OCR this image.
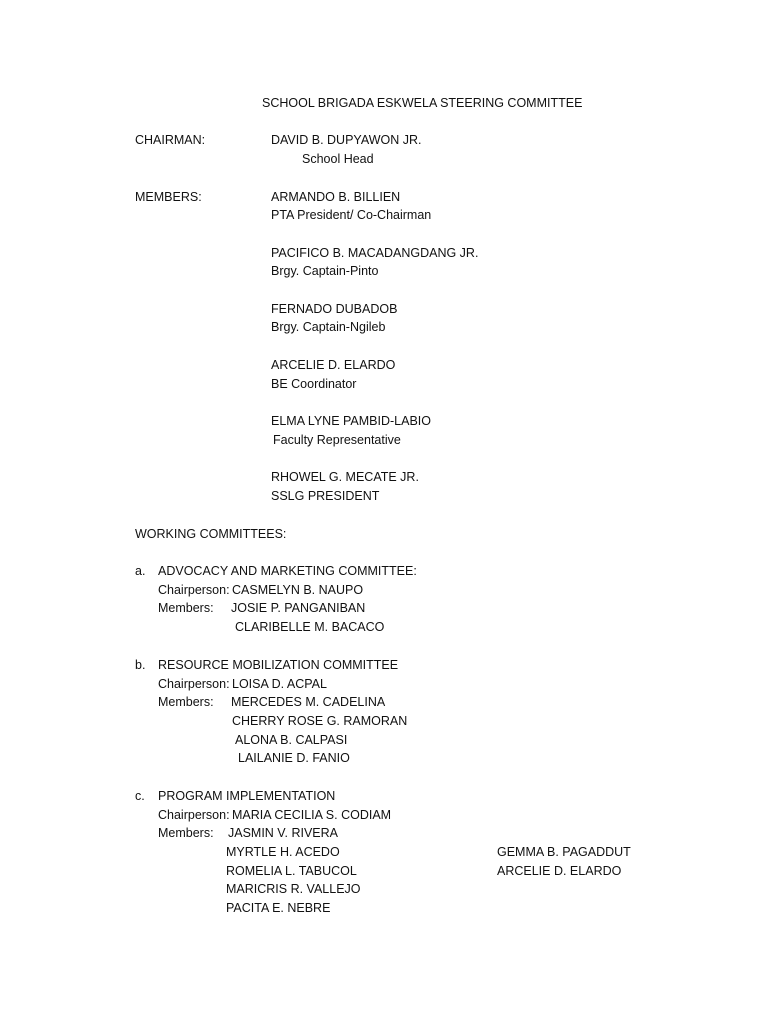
SCHOOL BRIGADA ESKWELA STEERING COMMITTEE
CHAIRMAN:	DAVID B. DUPYAWON JR.
School Head
MEMBERS:	ARMANDO B. BILLIEN
PTA President/ Co-Chairman
PACIFICO B. MACADANGDANG JR.
Brgy. Captain-Pinto
FERNADO DUBADOB
Brgy. Captain-Ngileb
ARCELIE D. ELARDO
BE Coordinator
ELMA LYNE PAMBID-LABIO
Faculty Representative
RHOWEL G. MECATE JR.
SSLG PRESIDENT
WORKING COMMITTEES:
a. ADVOCACY AND MARKETING COMMITTEE:
Chairperson: CASMELYN B. NAUPO
Members: JOSIE P. PANGANIBAN
CLARIBELLE M. BACACO
b. RESOURCE MOBILIZATION COMMITTEE
Chairperson: LOISA D. ACPAL
Members: MERCEDES M. CADELINA
CHERRY ROSE G. RAMORAN
ALONA B. CALPASI
LAILANIE D. FANIO
c. PROGRAM IMPLEMENTATION
Chairperson: MARIA CECILIA S. CODIAM
Members: JASMIN V. RIVERA
MYRTLE H. ACEDO
ROMELIA L. TABUCOL
MARICRIS R. VALLEJO
PACITA E. NEBRE
GEMMA B. PAGADDUT
ARCELIE D. ELARDO
